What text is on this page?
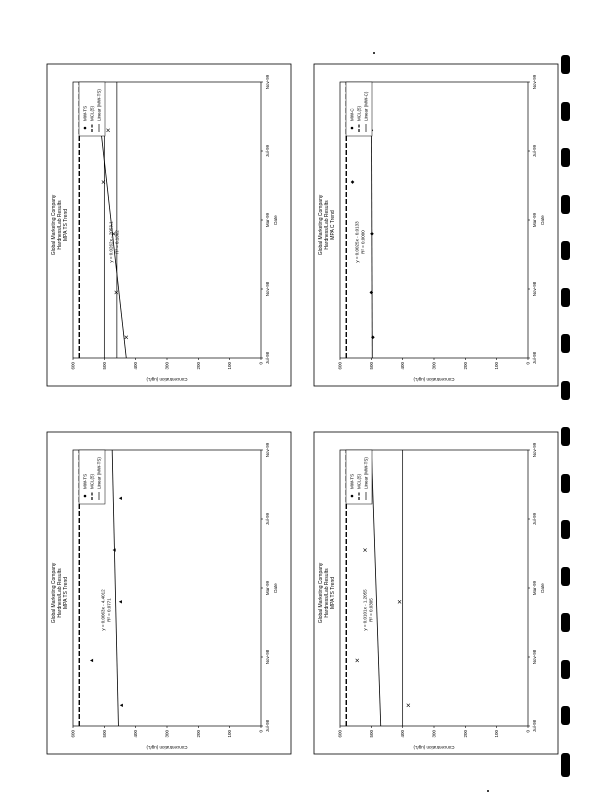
Global Marketing Company Hardness/Lab Results MPA TS Trend
0
100
200
300
400
500
600
Jul-98
Nov-98
Mar-99
Jul-99
Nov-99
Date
Concentration (ug/L)
MW-TS MCL(5) Linear (MW-TS)
y = 0.0262x - 2053.1 R² = 0.1362	Global Marketing Company Hardness/Lab Results MPA C Trend
0
100
200
300
400
500
600
Jul-98
Nov-98
Mar-99
Jul-99
Nov-99
Date
Concentration (ug/L)
MW-C MCL(5) Linear (MW-C)
y = 0.0025x - 0.0133 R² = 0.0000
Global Marketing Company Hardness/Lab Results MPA TS Trend
0
100
200
300
400
500
600
Jul-98
Nov-98
Mar-99
Jul-99
Nov-99
Date
Concentration (ug/L)
MW-TS MCL(5) Linear (MW-TS)
y = 0.0063x - 4.4012 R² = 0.0771	Global Marketing Company Hardness/Lab Results MPA TS Trend
0
100
200
300
400
500
600
Jul-98
Nov-98
Mar-99
Jul-99
Nov-99
Date
Concentration (ug/L)
MW-TS MCL(5) Linear (MW-TS)
y = 0.0101x - 1.2055 R² = 0.0305
